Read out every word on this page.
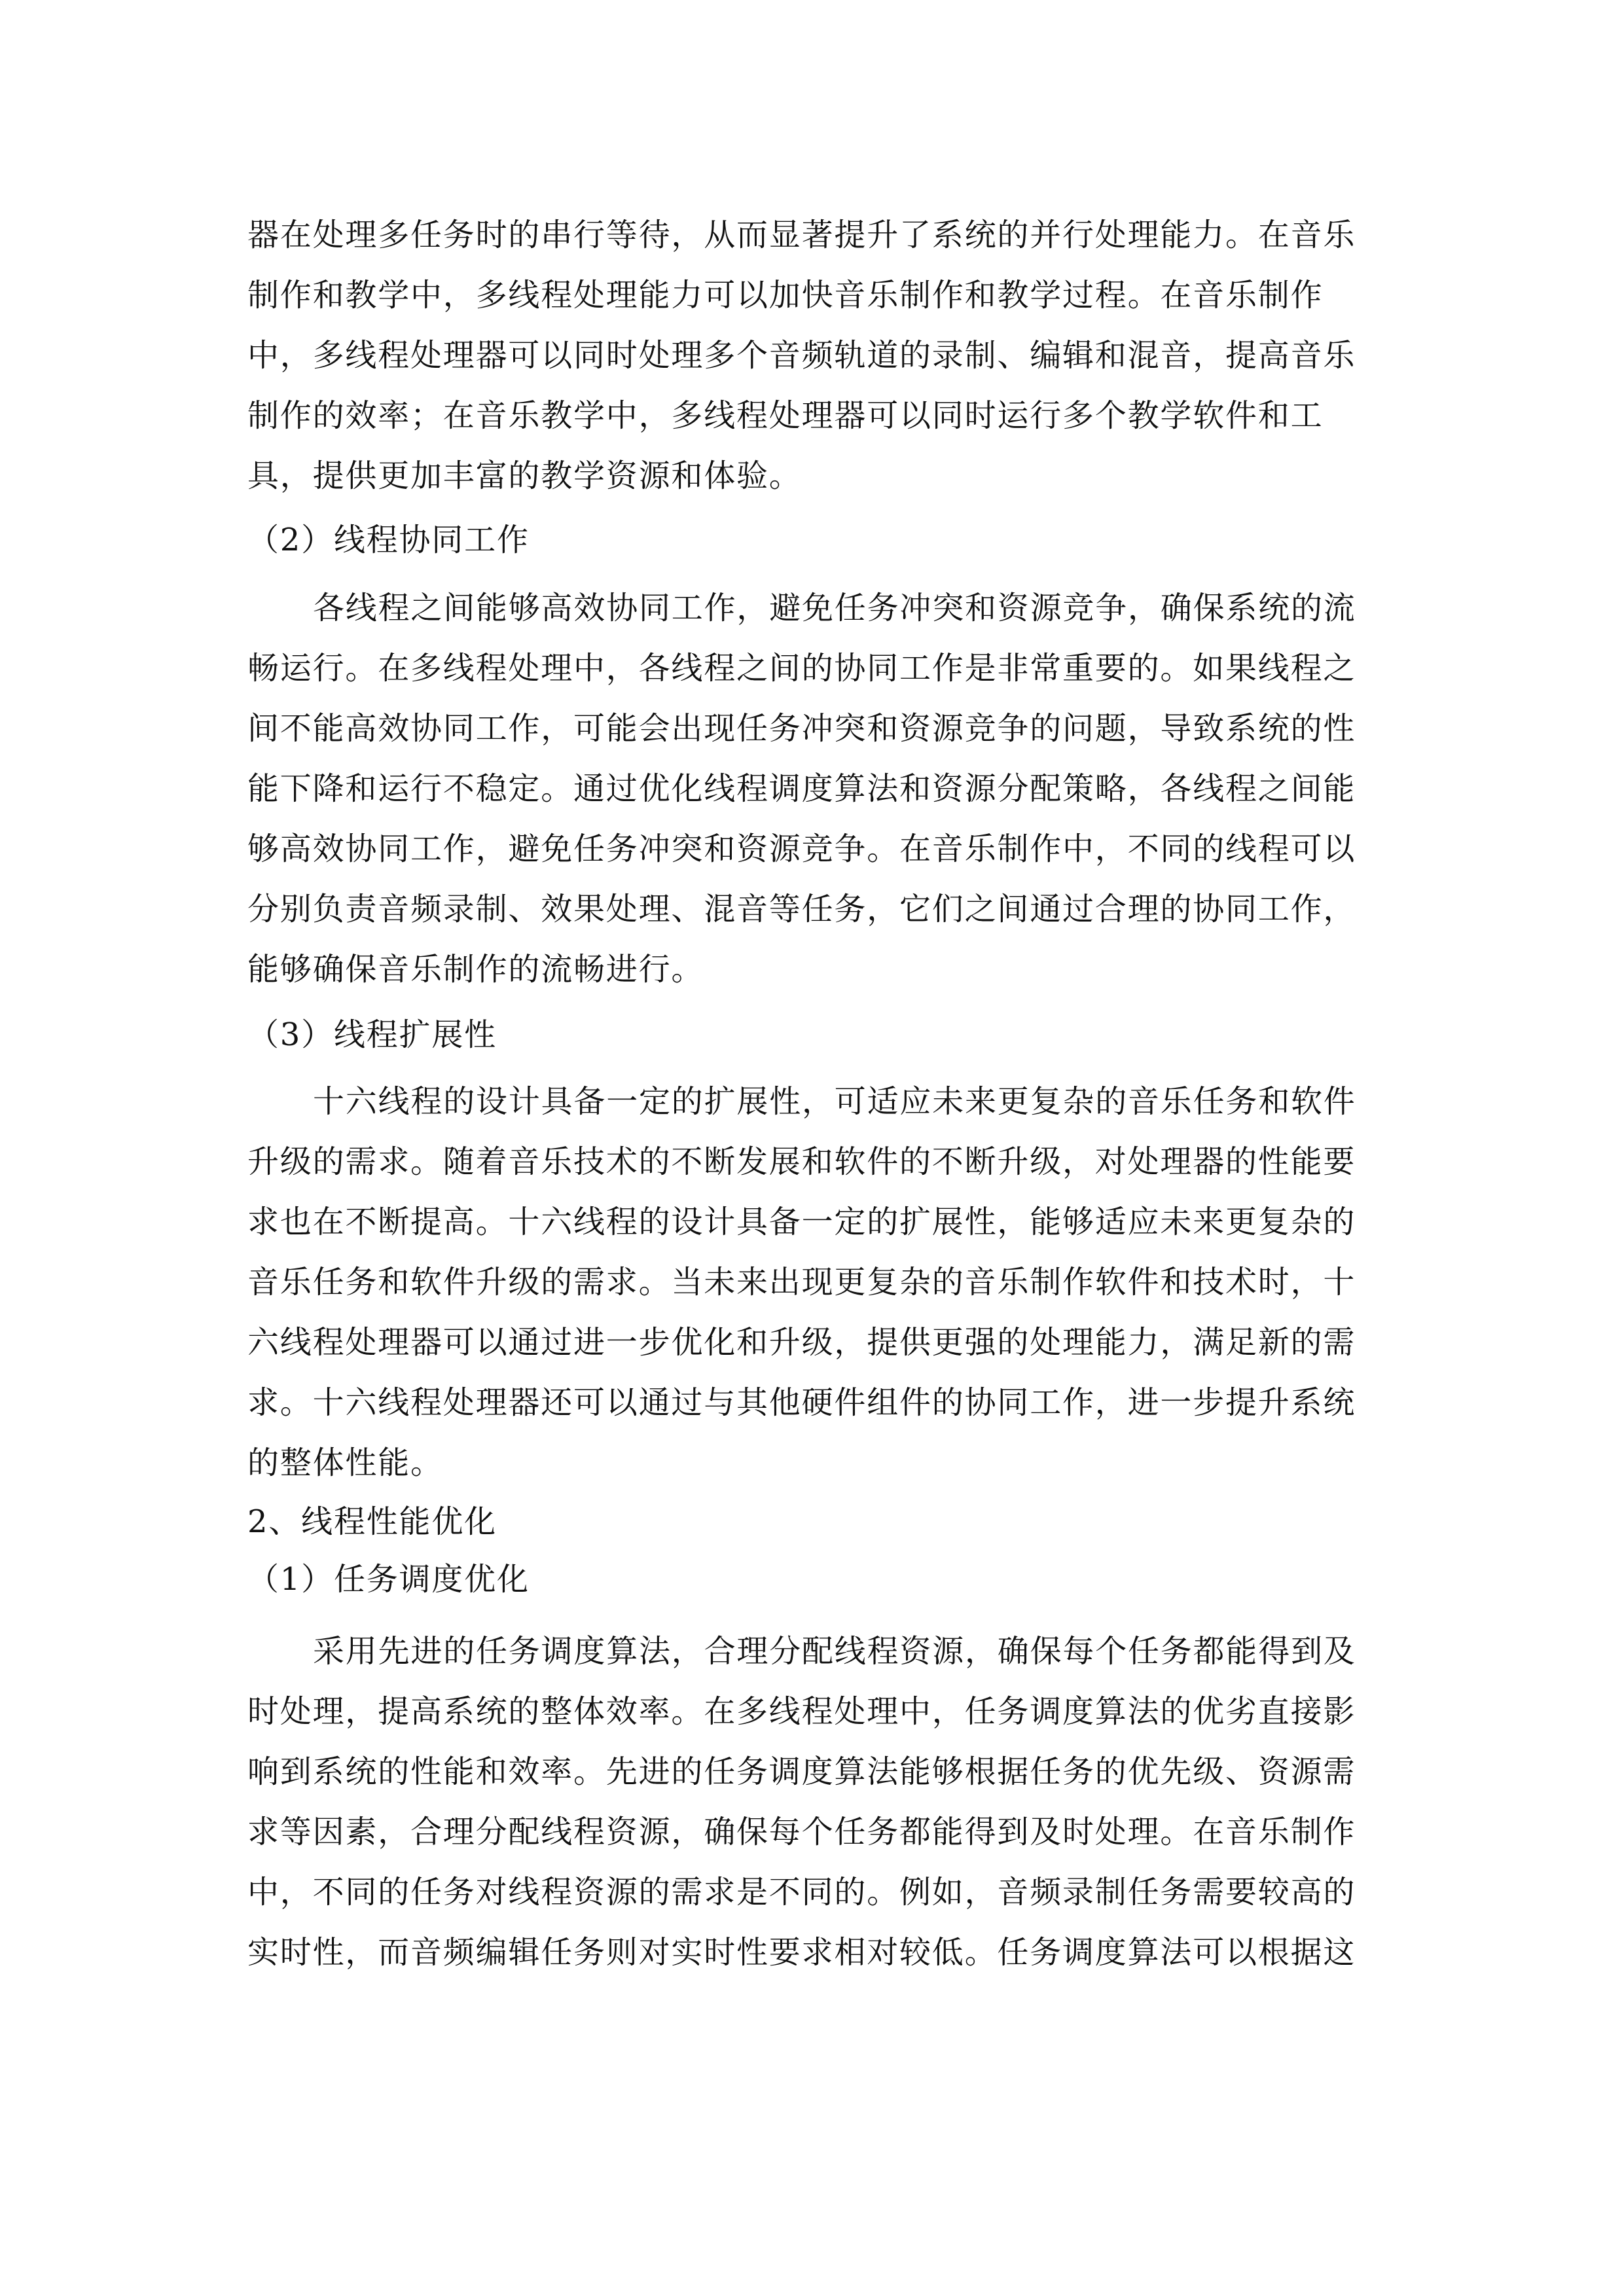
器在处理多任务时的串行等待，从而显著提升了系统的并行处理能力。在音乐
制作和教学中，多线程处理能力可以加快音乐制作和教学过程。在音乐制作
中，多线程处理器可以同时处理多个音频轨道的录制、编辑和混音，提高音乐
制作的效率；在音乐教学中，多线程处理器可以同时运行多个教学软件和工
具，提供更加丰富的教学资源和体验。
（2）线程协同工作
各线程之间能够高效协同工作，避免任务冲突和资源竞争，确保系统的流
畅运行。在多线程处理中，各线程之间的协同工作是非常重要的。如果线程之
间不能高效协同工作，可能会出现任务冲突和资源竞争的问题，导致系统的性
能下降和运行不稳定。通过优化线程调度算法和资源分配策略，各线程之间能
够高效协同工作，避免任务冲突和资源竞争。在音乐制作中，不同的线程可以
分别负责音频录制、效果处理、混音等任务，它们之间通过合理的协同工作，
能够确保音乐制作的流畅进行。
（3）线程扩展性
十六线程的设计具备一定的扩展性，可适应未来更复杂的音乐任务和软件
升级的需求。随着音乐技术的不断发展和软件的不断升级，对处理器的性能要
求也在不断提高。十六线程的设计具备一定的扩展性，能够适应未来更复杂的
音乐任务和软件升级的需求。当未来出现更复杂的音乐制作软件和技术时，十
六线程处理器可以通过进一步优化和升级，提供更强的处理能力，满足新的需
求。十六线程处理器还可以通过与其他硬件组件的协同工作，进一步提升系统
的整体性能。
2、线程性能优化
（1）任务调度优化
采用先进的任务调度算法，合理分配线程资源，确保每个任务都能得到及
时处理，提高系统的整体效率。在多线程处理中，任务调度算法的优劣直接影
响到系统的性能和效率。先进的任务调度算法能够根据任务的优先级、资源需
求等因素，合理分配线程资源，确保每个任务都能得到及时处理。在音乐制作
中，不同的任务对线程资源的需求是不同的。例如，音频录制任务需要较高的
实时性，而音频编辑任务则对实时性要求相对较低。任务调度算法可以根据这
